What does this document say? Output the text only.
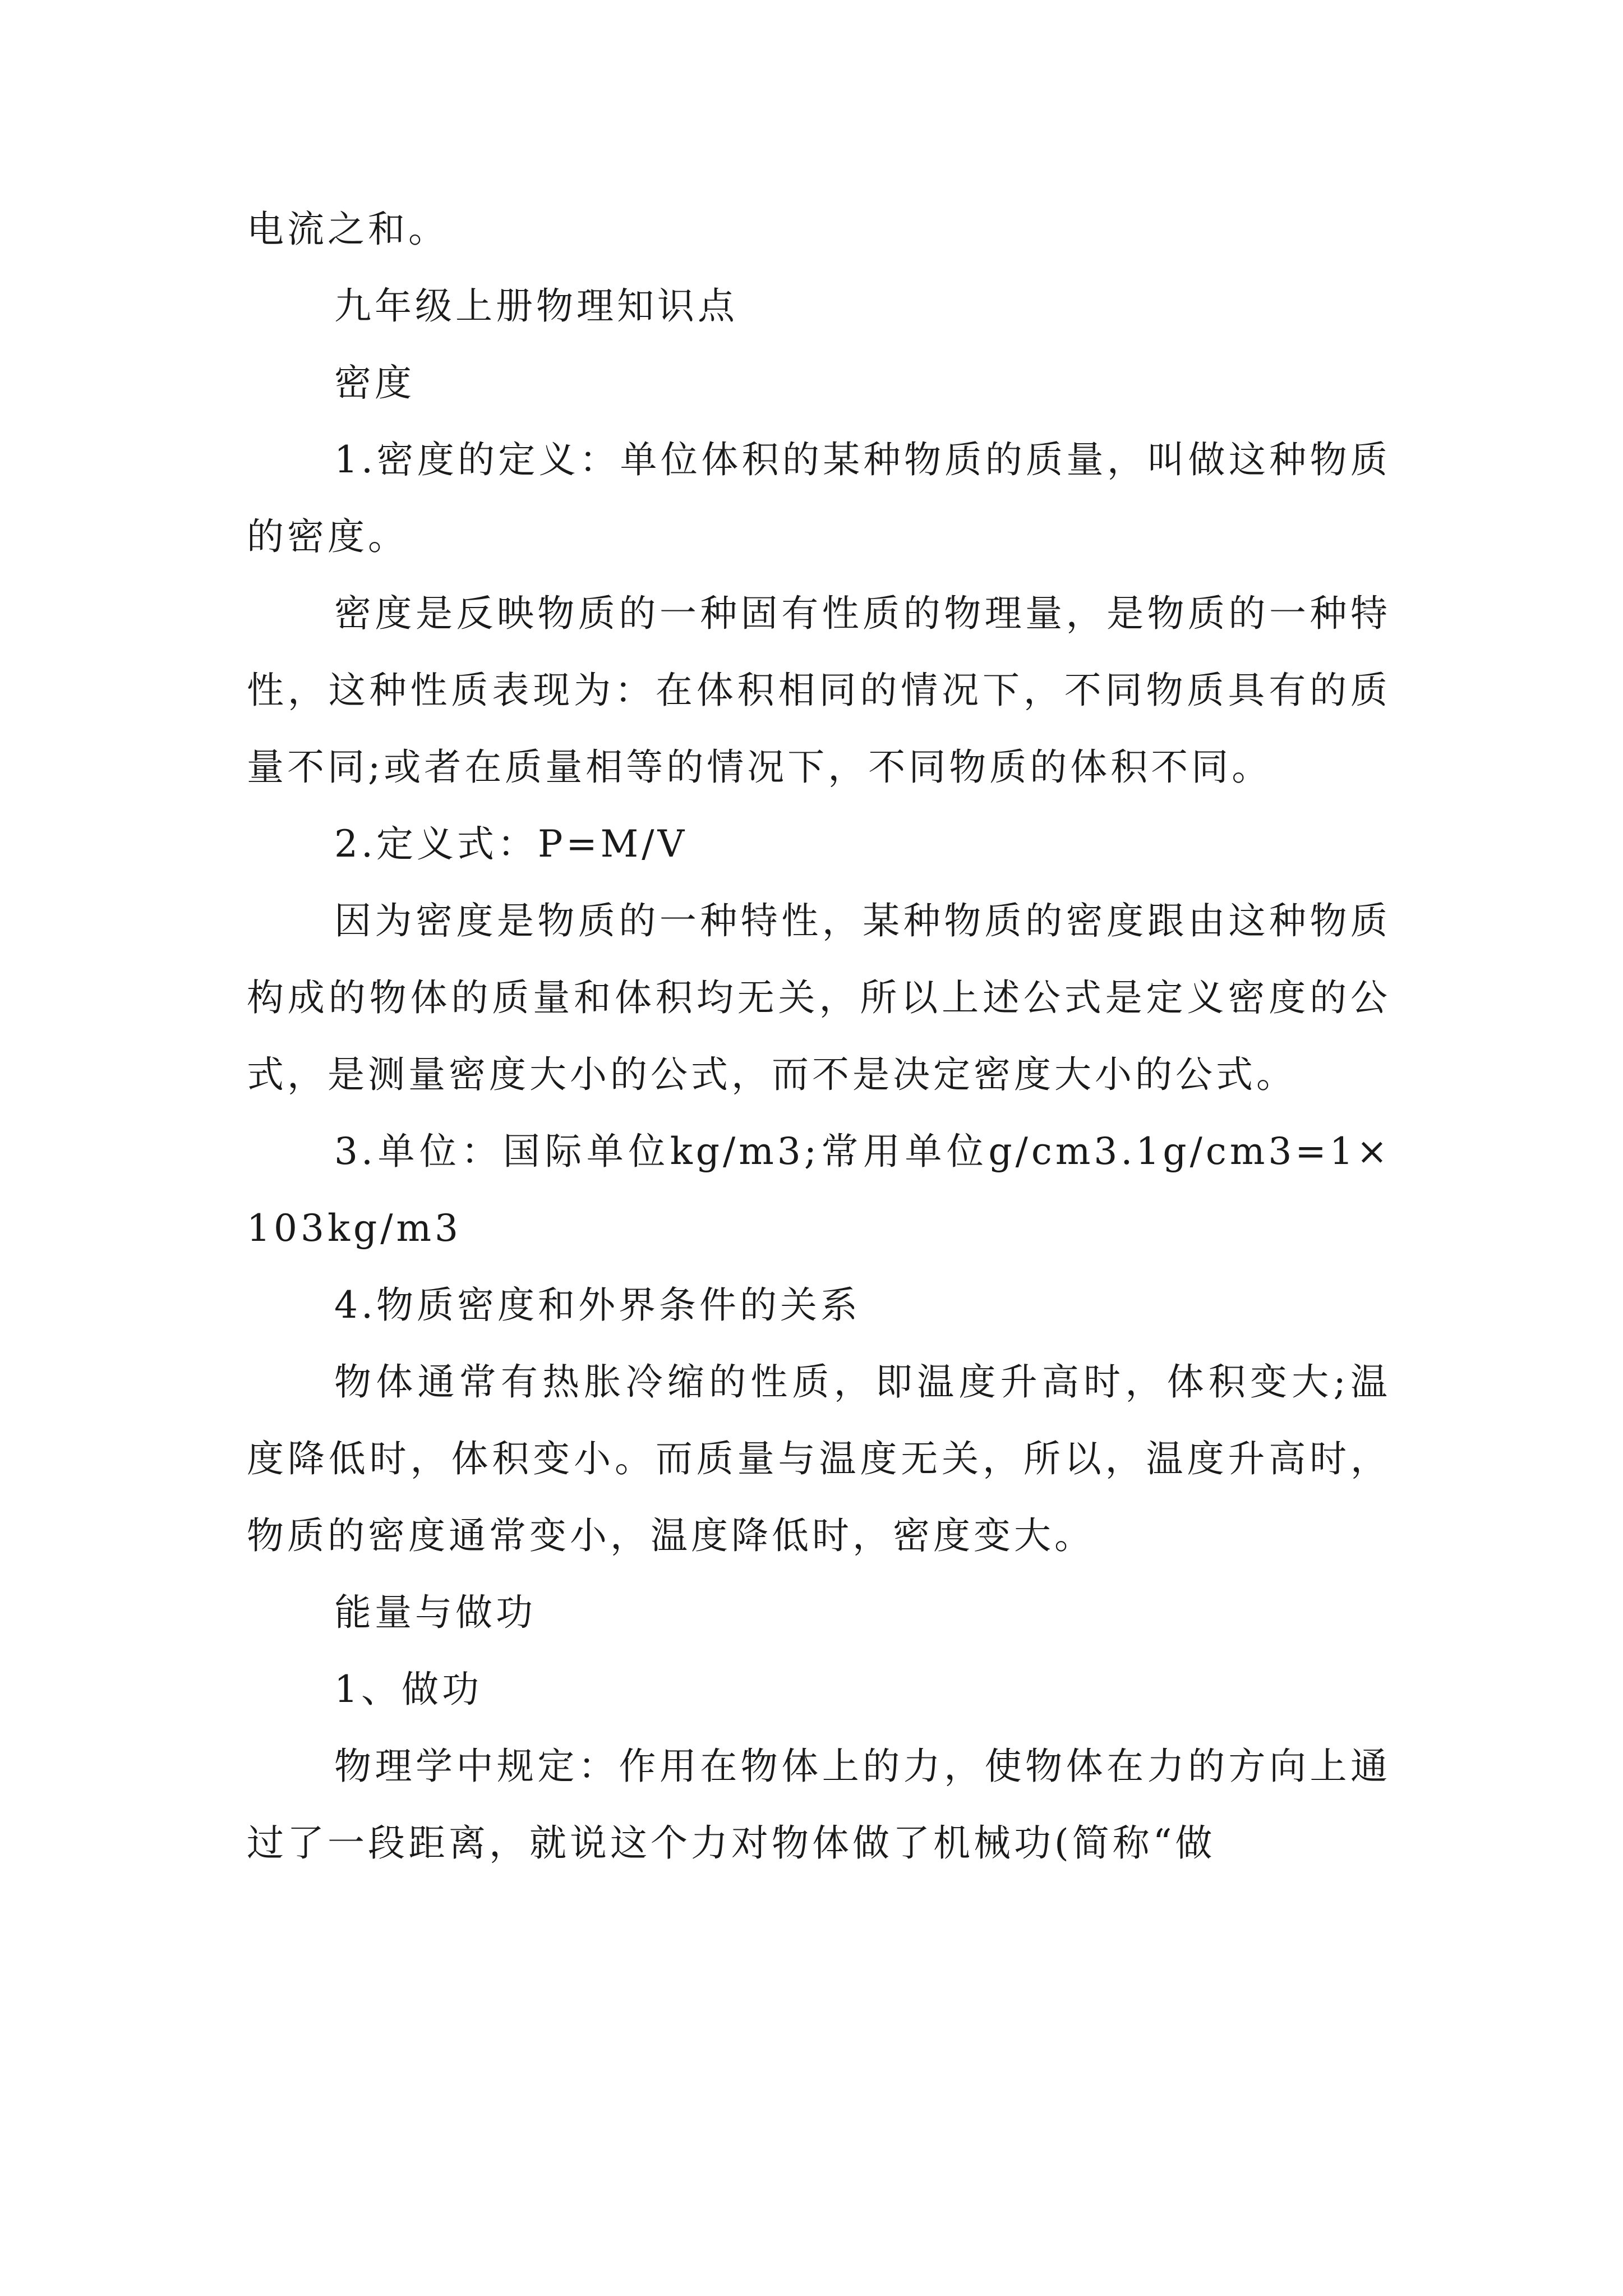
电流之和。

九年级上册物理知识点

密度

1.密度的定义：单位体积的某种物质的质量，叫做这种物质的密度。

密度是反映物质的一种固有性质的物理量，是物质的一种特性，这种性质表现为：在体积相同的情况下，不同物质具有的质量不同;或者在质量相等的情况下，不同物质的体积不同。

2.定义式：P=M/V

因为密度是物质的一种特性，某种物质的密度跟由这种物质构成的物体的质量和体积均无关，所以上述公式是定义密度的公式，是测量密度大小的公式，而不是决定密度大小的公式。

3.单位：国际单位kg/m3;常用单位g/cm3.1g/cm3=1×103kg/m3

4.物质密度和外界条件的关系

物体通常有热胀冷缩的性质，即温度升高时，体积变大;温度降低时，体积变小。而质量与温度无关，所以，温度升高时，物质的密度通常变小，温度降低时，密度变大。

能量与做功

1、做功

物理学中规定：作用在物体上的力，使物体在力的方向上通过了一段距离，就说这个力对物体做了机械功(简称“做
